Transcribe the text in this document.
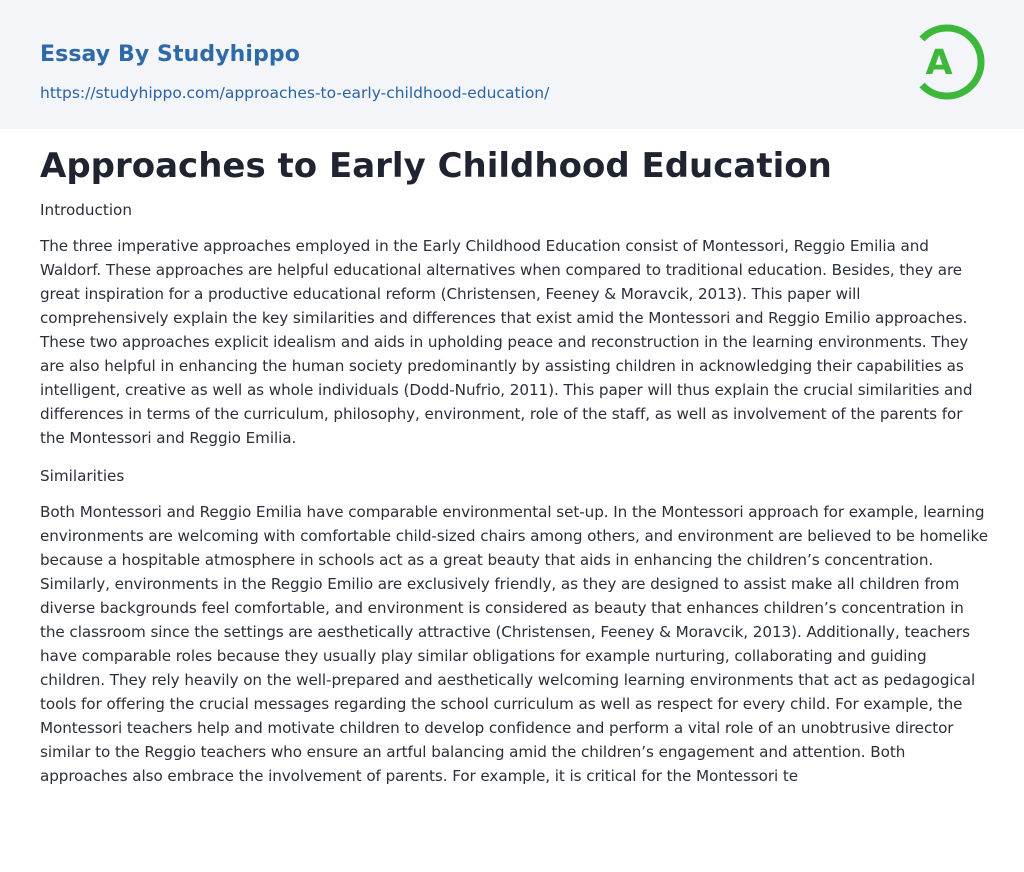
Essay By Studyhippo
https://studyhippo.com/approaches-to-early-childhood-education/
A
Approaches to Early Childhood Education
Introduction

The three imperative approaches employed in the Early Childhood Education consist of Montessori, Reggio Emilia and Waldorf. These approaches are helpful educational alternatives when compared to traditional education. Besides, they are great inspiration for a productive educational reform (Christensen, Feeney & Moravcik, 2013). This paper will comprehensively explain the key similarities and differences that exist amid the Montessori and Reggio Emilio approaches. These two approaches explicit idealism and aids in upholding peace and reconstruction in the learning environments. They are also helpful in enhancing the human society predominantly by assisting children in acknowledging their capabilities as intelligent, creative as well as whole individuals (Dodd-Nufrio, 2011). This paper will thus explain the crucial similarities and differences in terms of the curriculum, philosophy, environment, role of the staff, as well as involvement of the parents for the Montessori and Reggio Emilia.

Similarities

Both Montessori and Reggio Emilia have comparable environmental set-up. In the Montessori approach for example, learning environments are welcoming with comfortable child-sized chairs among others, and environment are believed to be homelike because a hospitable atmosphere in schools act as a great beauty that aids in enhancing the children’s concentration. Similarly, environments in the Reggio Emilio are exclusively friendly, as they are designed to assist make all children from diverse backgrounds feel comfortable, and environment is considered as beauty that enhances children’s concentration in the classroom since the settings are aesthetically attractive (Christensen, Feeney & Moravcik, 2013). Additionally, teachers have comparable roles because they usually play similar obligations for example nurturing, collaborating and guiding children. They rely heavily on the well-prepared and aesthetically welcoming learning environments that act as pedagogical tools for offering the crucial messages regarding the school curriculum as well as respect for every child. For example, the Montessori teachers help and motivate children to develop confidence and perform a vital role of an unobtrusive director similar to the Reggio teachers who ensure an artful balancing amid the children’s engagement and attention. Both approaches also embrace the involvement of parents. For example, it is critical for the Montessori te
